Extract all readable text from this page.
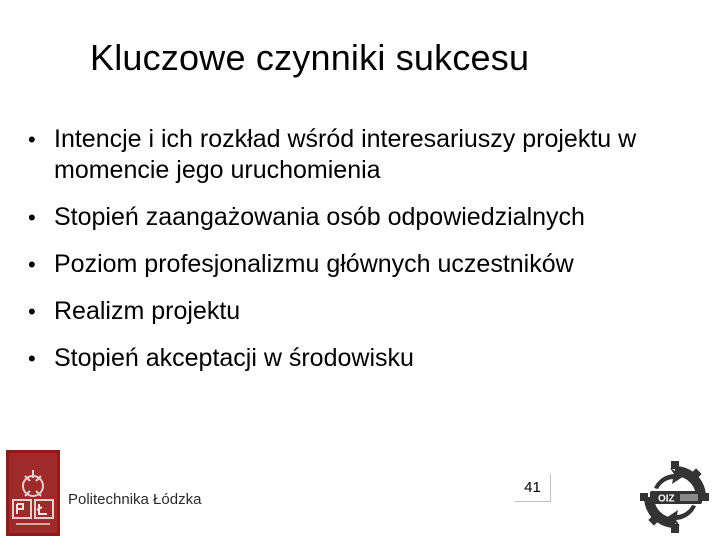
Kluczowe czynniki sukcesu
• Intencje i ich rozkład wśród interesariuszy projektu w momencie jego uruchomienia
• Stopień zaangażowania osób odpowiedzialnych
• Poziom profesjonalizmu głównych uczestników
• Realizm projektu
• Stopień akceptacji w środowisku
Politechnika Łódzka
41
OIZ
